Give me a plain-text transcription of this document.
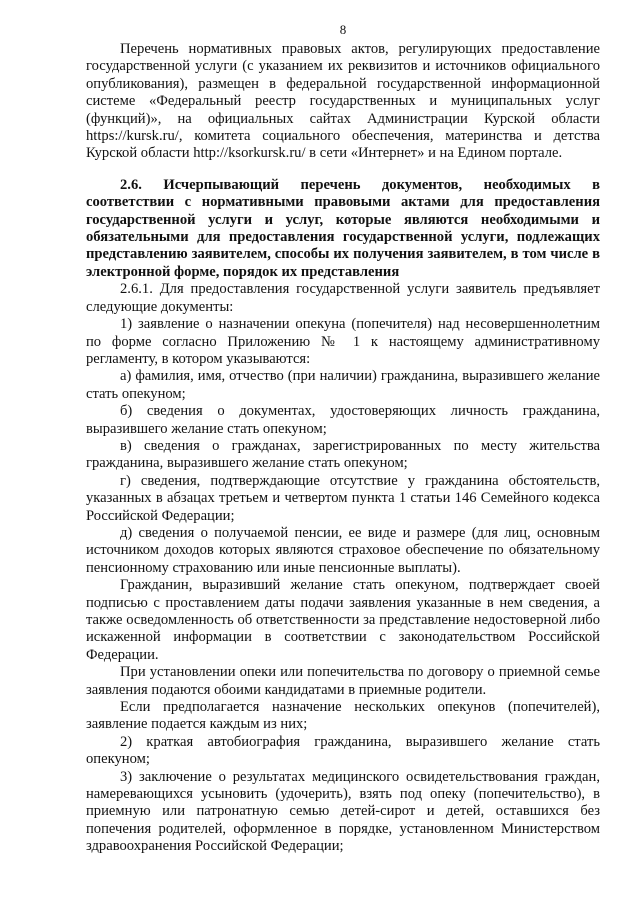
8

Перечень нормативных правовых актов, регулирующих предоставление государственной услуги (с указанием их реквизитов и источников официального опубликования), размещен в федеральной государственной информационной системе «Федеральный реестр государственных и муниципальных услуг (функций)», на официальных сайтах Администрации Курской области https://kursk.ru/, комитета социального обеспечения, материнства и детства Курской области http://ksorkursk.ru/ в сети «Интернет» и на Едином портале.

2.6. Исчерпывающий перечень документов, необходимых в соответствии с нормативными правовыми актами для предоставления государственной услуги и услуг, которые являются необходимыми и обязательными для предоставления государственной услуги, подлежащих представлению заявителем, способы их получения заявителем, в том числе в электронной форме, порядок их представления

2.6.1. Для предоставления государственной услуги заявитель предъявляет следующие документы:

1) заявление о назначении опекуна (попечителя) над несовершеннолетним по форме согласно Приложению № 1 к настоящему административному регламенту, в котором указываются:

а) фамилия, имя, отчество (при наличии) гражданина, выразившего желание стать опекуном;

б) сведения о документах, удостоверяющих личность гражданина, выразившего желание стать опекуном;

в) сведения о гражданах, зарегистрированных по месту жительства гражданина, выразившего желание стать опекуном;

г) сведения, подтверждающие отсутствие у гражданина обстоятельств, указанных в абзацах третьем и четвертом пункта 1 статьи 146 Семейного кодекса Российской Федерации;

д) сведения о получаемой пенсии, ее виде и размере (для лиц, основным источником доходов которых являются страховое обеспечение по обязательному пенсионному страхованию или иные пенсионные выплаты).

Гражданин, выразивший желание стать опекуном, подтверждает своей подписью с проставлением даты подачи заявления указанные в нем сведения, а также осведомленность об ответственности за представление недостоверной либо искаженной информации в соответствии с законодательством Российской Федерации.

При установлении опеки или попечительства по договору о приемной семье заявления подаются обоими кандидатами в приемные родители.

Если предполагается назначение нескольких опекунов (попечителей), заявление подается каждым из них;

2) краткая автобиография гражданина, выразившего желание стать опекуном;

3) заключение о результатах медицинского освидетельствования граждан, намеревающихся усыновить (удочерить), взять под опеку (попечительство), в приемную или патронатную семью детей-сирот и детей, оставшихся без попечения родителей, оформленное в порядке, установленном Министерством здравоохранения Российской Федерации;
